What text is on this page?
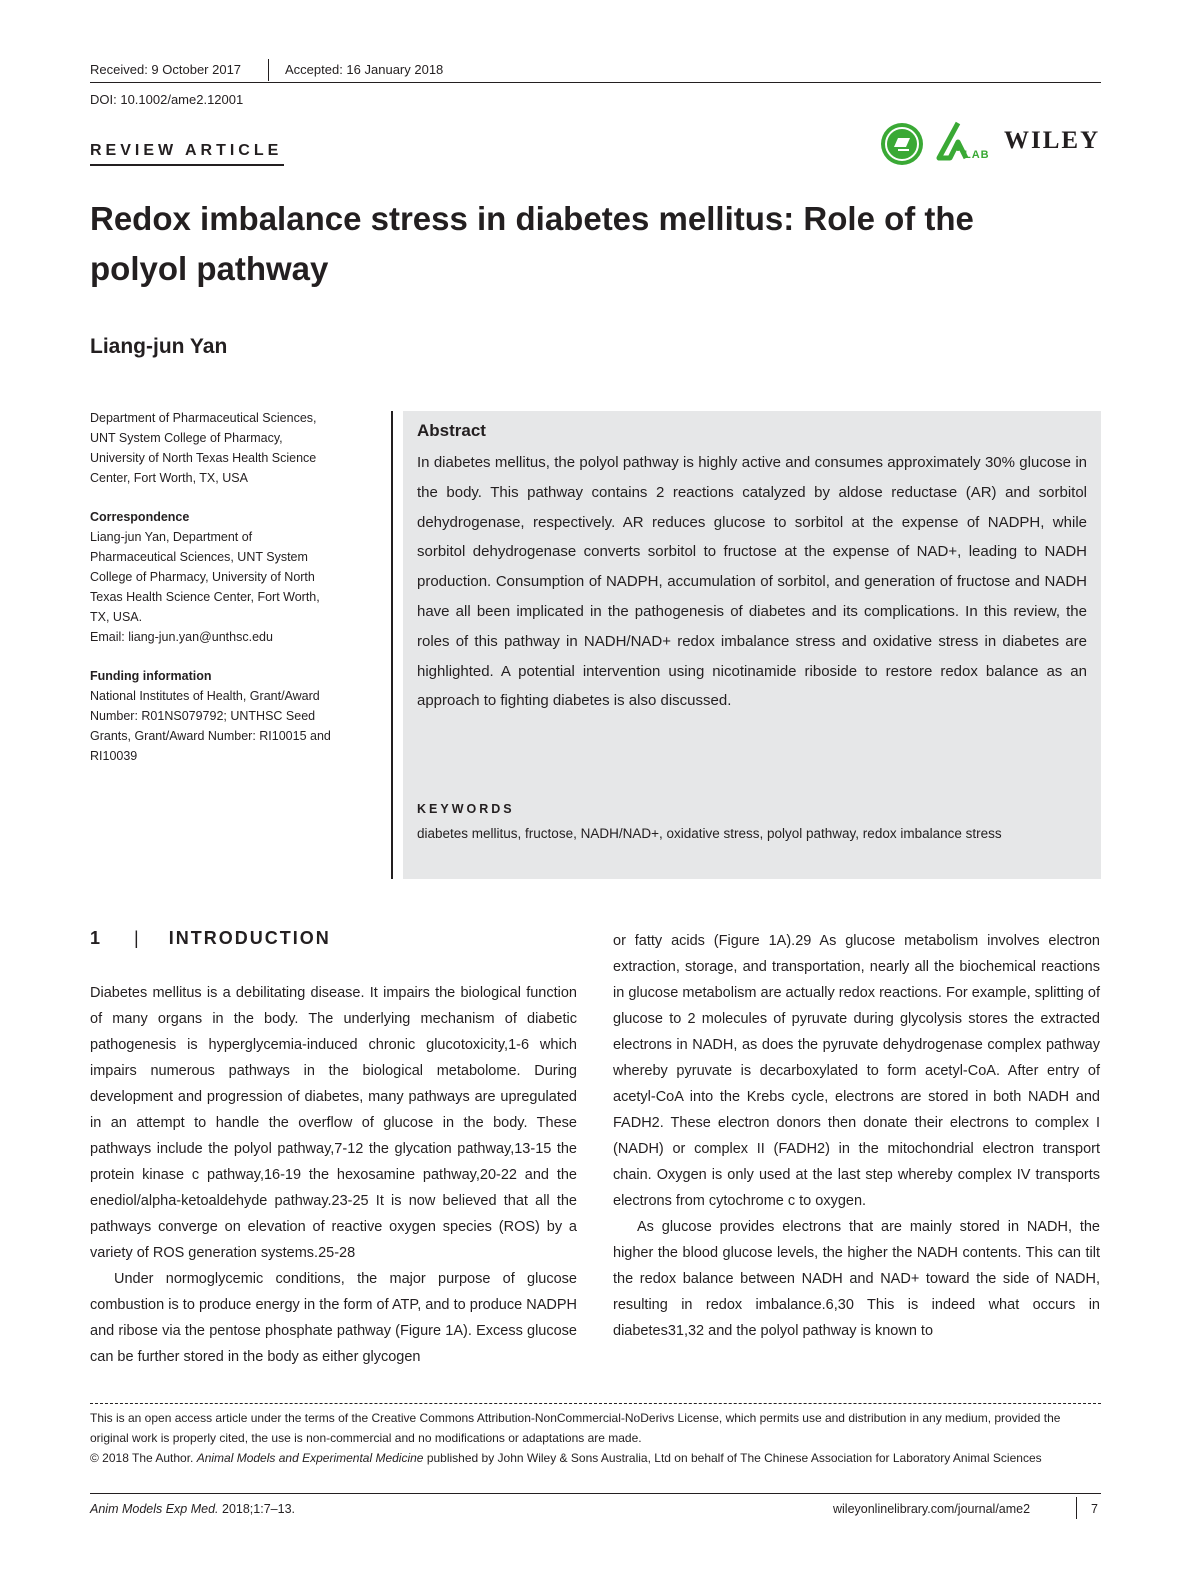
Received: 9 October 2017	Accepted: 16 January 2018
DOI: 10.1002/ame2.12001
REVIEW ARTICLE	LAB
WILEY
Redox imbalance stress in diabetes mellitus: Role of the
polyol pathway
Liang-jun Yan
Department of Pharmaceutical Sciences,
UNT System College of Pharmacy,
University of North Texas Health Science
Center, Fort Worth, TX, USA
Correspondence
Liang-jun Yan, Department of
Pharmaceutical Sciences, UNT System
College of Pharmacy, University of North
Texas Health Science Center, Fort Worth,
TX, USA.
Email: liang-jun.yan@unthsc.edu
Funding information
National Institutes of Health, Grant/Award
Number: R01NS079792; UNTHSC Seed
Grants, Grant/Award Number: RI10015 and
RI10039
Abstract
In diabetes mellitus, the polyol pathway is highly active and consumes approximately 30% glucose in the body. This pathway contains 2 reactions catalyzed by aldose reductase (AR) and sorbitol dehydrogenase, respectively. AR reduces glucose to sorbitol at the expense of NADPH, while sorbitol dehydrogenase converts sorbitol to fructose at the expense of NAD+, leading to NADH production. Consumption of NADPH, accumulation of sorbitol, and generation of fructose and NADH have all been implicated in the pathogenesis of diabetes and its complications. In this review, the roles of this pathway in NADH/NAD+ redox imbalance stress and oxidative stress in diabetes are highlighted. A potential intervention using nicotinamide riboside to restore redox balance as an approach to fighting diabetes is also discussed.
KEYWORDS
diabetes mellitus, fructose, NADH/NAD+, oxidative stress, polyol pathway, redox imbalance stress
1 | INTRODUCTION

Diabetes mellitus is a debilitating disease. It impairs the biological function of many organs in the body. The underlying mechanism of diabetic pathogenesis is hyperglycemia-induced chronic glucotoxicity,1-6 which impairs numerous pathways in the biological metabolome. During development and progression of diabetes, many pathways are upregulated in an attempt to handle the overflow of glucose in the body. These pathways include the polyol pathway,7-12 the glycation pathway,13-15 the protein kinase c pathway,16-19 the hexosamine pathway,20-22 and the enediol/alpha-ketoaldehyde pathway.23-25 It is now believed that all the pathways converge on elevation of reactive oxygen species (ROS) by a variety of ROS generation systems.25-28

Under normoglycemic conditions, the major purpose of glucose combustion is to produce energy in the form of ATP, and to produce NADPH and ribose via the pentose phosphate pathway (Figure 1A). Excess glucose can be further stored in the body as either glycogen

or fatty acids (Figure 1A).29 As glucose metabolism involves electron extraction, storage, and transportation, nearly all the biochemical reactions in glucose metabolism are actually redox reactions. For example, splitting of glucose to 2 molecules of pyruvate during glycolysis stores the extracted electrons in NADH, as does the pyruvate dehydrogenase complex pathway whereby pyruvate is decarboxylated to form acetyl-CoA. After entry of acetyl-CoA into the Krebs cycle, electrons are stored in both NADH and FADH2. These electron donors then donate their electrons to complex I (NADH) or complex II (FADH2) in the mitochondrial electron transport chain. Oxygen is only used at the last step whereby complex IV transports electrons from cytochrome c to oxygen.

As glucose provides electrons that are mainly stored in NADH, the higher the blood glucose levels, the higher the NADH contents. This can tilt the redox balance between NADH and NAD+ toward the side of NADH, resulting in redox imbalance.6,30 This is indeed what occurs in diabetes31,32 and the polyol pathway is known to

This is an open access article under the terms of the Creative Commons Attribution-NonCommercial-NoDerivs License, which permits use and distribution in any medium, provided the original work is properly cited, the use is non-commercial and no modifications or adaptations are made.
© 2018 The Author. Animal Models and Experimental Medicine published by John Wiley & Sons Australia, Ltd on behalf of The Chinese Association for Laboratory Animal Sciences
Anim Models Exp Med. 2018;1:7–13.	wileyonlinelibrary.com/journal/ame2	7
